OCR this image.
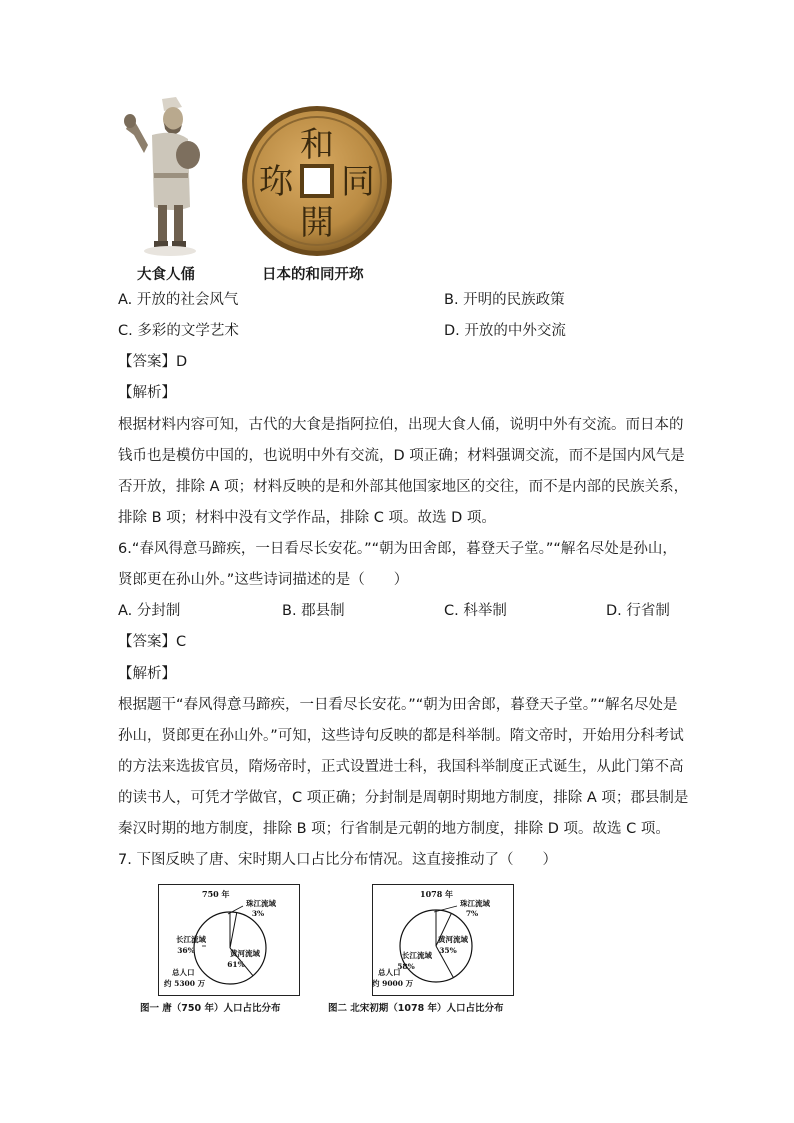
和
同
開
珎
大食人俑	日本的和同开珎
A. 开放的社会风气	B. 开明的民族政策
C. 多彩的文学艺术	D. 开放的中外交流
【答案】D
【解析】
根据材料内容可知，古代的大食是指阿拉伯，出现大食人俑，说明中外有交流。而日本的
钱币也是模仿中国的，也说明中外有交流，D 项正确；材料强调交流，而不是国内风气是
否开放，排除 A 项；材料反映的是和外部其他国家地区的交往，而不是内部的民族关系，
排除 B 项；材料中没有文学作品，排除 C 项。故选 D 项。
6.“春风得意马蹄疾，一日看尽长安花。”“朝为田舍郎，暮登天子堂。”“解名尽处是孙山，
贤郎更在孙山外。”这些诗词描述的是（　　）
A. 分封制	B. 郡县制	C. 科举制	D. 行省制
【答案】C
【解析】
根据题干“春风得意马蹄疾，一日看尽长安花。”“朝为田舍郎，暮登天子堂。”“解名尽处是
孙山，贤郎更在孙山外。”可知，这些诗句反映的都是科举制。隋文帝时，开始用分科考试
的方法来选拔官员，隋炀帝时，正式设置进士科，我国科举制度正式诞生，从此门第不高
的读书人，可凭才学做官，C 项正确；分封制是周朝时期地方制度，排除 A 项；郡县制是
秦汉时期的地方制度，排除 B 项；行省制是元朝的地方制度，排除 D 项。故选 C 项。
7. 下图反映了唐、宋时期人口占比分布情况。这直接推动了（　　）
750 年
珠江流域
3%
长江流域
36%	黄河流域
61%
总人口
约 5300 万
1078 年
珠江流域
7%
黄河流域
35%
长江流域
58%
总人口
约 9000 万
图一 唐（750 年）人口占比分布	图二 北宋初期（1078 年）人口占比分布
